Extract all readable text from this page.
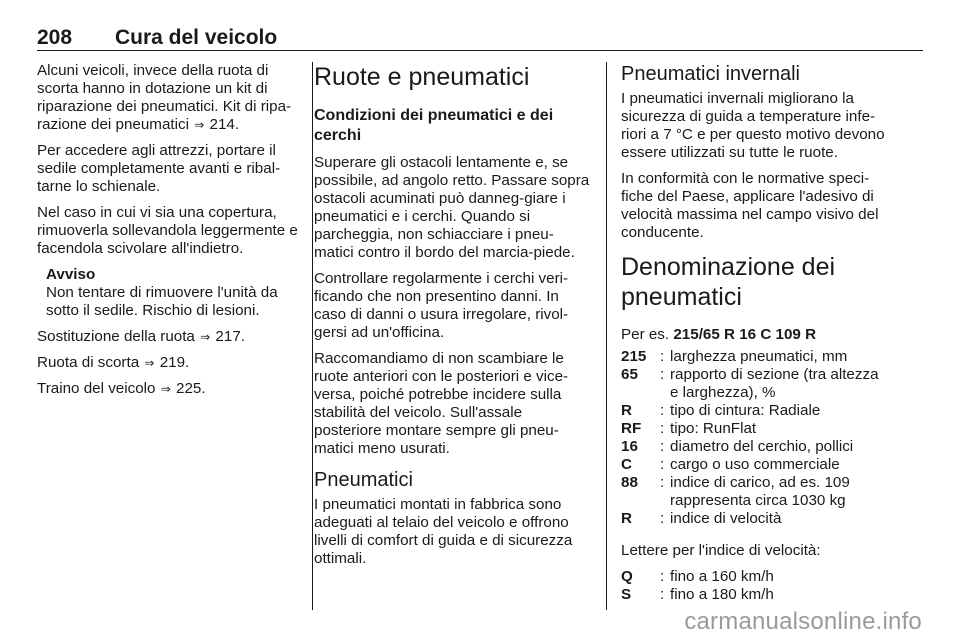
208 Cura del veicolo

Alcuni veicoli, invece della ruota di scorta hanno in dotazione un kit di riparazione dei pneumatici. Kit di ripa-razione dei pneumatici ⇒ 214.

Per accedere agli attrezzi, portare il sedile completamente avanti e ribal-tarne lo schienale.

Nel caso in cui vi sia una copertura, rimuoverla sollevandola leggermente e facendola scivolare all'indietro.

Avviso

Non tentare di rimuovere l'unità da sotto il sedile. Rischio di lesioni.

Sostituzione della ruota ⇒ 217.

Ruota di scorta ⇒ 219.

Traino del veicolo ⇒ 225.

Ruote e pneumatici
Condizioni dei pneumatici e dei cerchi

Superare gli ostacoli lentamente e, se possibile, ad angolo retto. Passare sopra ostacoli acuminati può danneg-giare i pneumatici e i cerchi. Quando si parcheggia, non schiacciare i pneu-matici contro il bordo del marcia-piede.

Controllare regolarmente i cerchi veri-ficando che non presentino danni. In caso di danni o usura irregolare, rivol-gersi ad un'officina.

Raccomandiamo di non scambiare le ruote anteriori con le posteriori e vice-versa, poiché potrebbe incidere sulla stabilità del veicolo. Sull'assale posteriore montare sempre gli pneu-matici meno usurati.

Pneumatici

I pneumatici montati in fabbrica sono adeguati al telaio del veicolo e offrono livelli di comfort di guida e di sicurezza ottimali.

Pneumatici invernali

I pneumatici invernali migliorano la sicurezza di guida a temperature infe-riori a 7 °C e per questo motivo devono essere utilizzati su tutte le ruote.

In conformità con le normative speci-fiche del Paese, applicare l'adesivo di velocità massima nel campo visivo del conducente.

Denominazione dei pneumatici

Per es. 215/65 R 16 C 109 R

215	:	larghezza pneumatici, mm
65	:	rapporto di sezione (tra altezza e larghezza), %
R	:	tipo di cintura: Radiale
RF	:	tipo: RunFlat
16	:	diametro del cerchio, pollici
C	:	cargo o uso commerciale
88	:	indice di carico, ad es. 109 rappresenta circa 1030 kg
R	:	indice di velocità

Lettere per l'indice di velocità:

Q	:	fino a 160 km/h
S	:	fino a 180 km/h
carmanualsonline.info
